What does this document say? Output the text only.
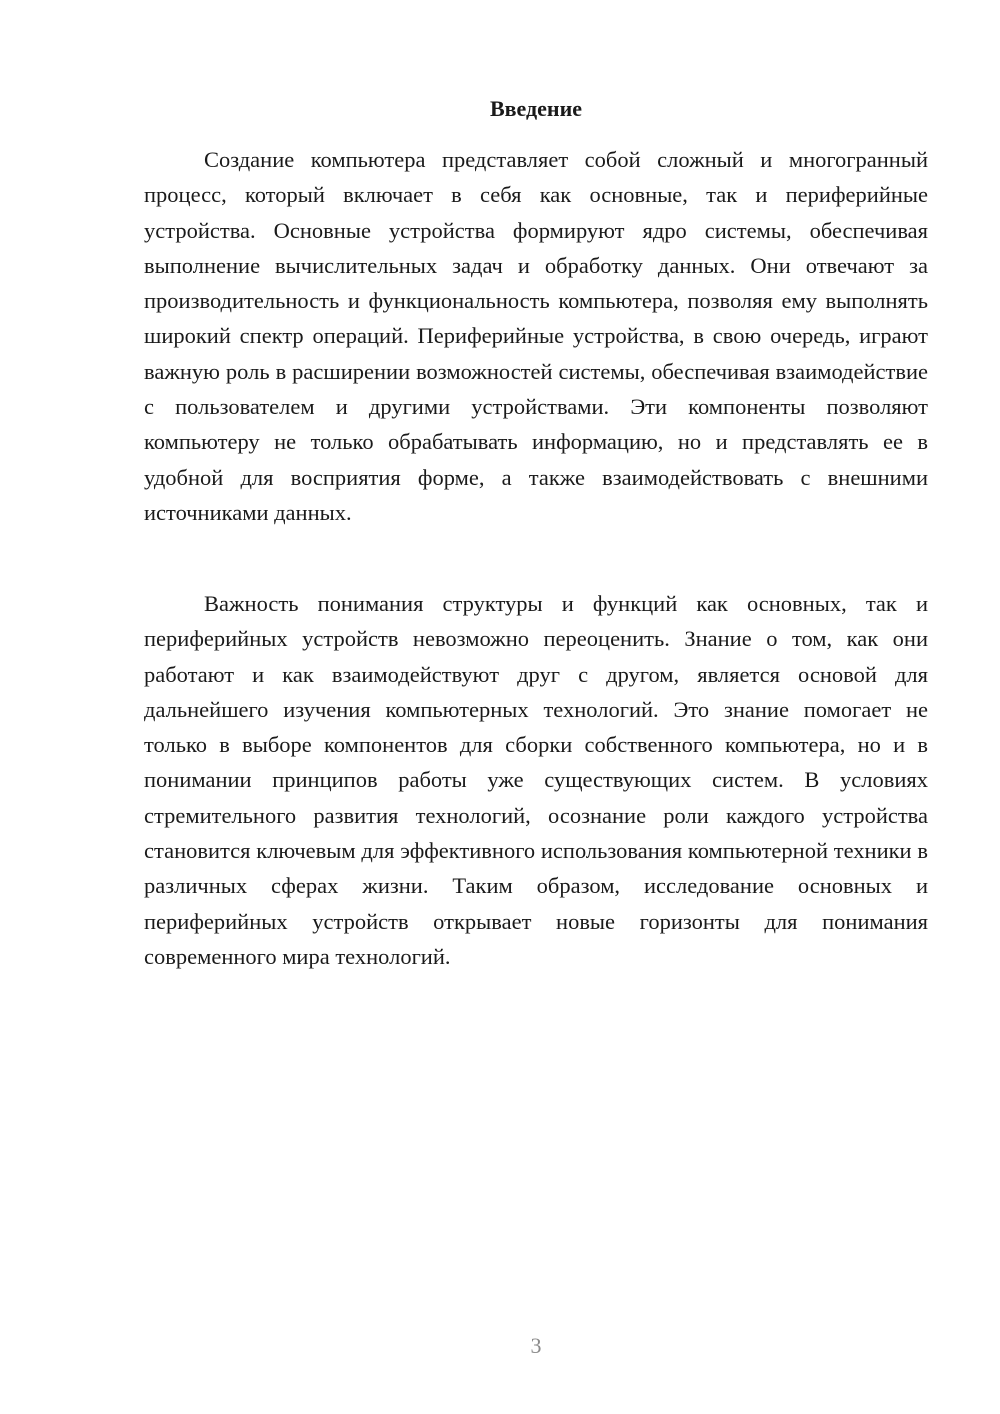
Введение

Создание компьютера представляет собой сложный и многогранный процесс, который включает в себя как основные, так и периферийные устройства. Основные устройства формируют ядро системы, обеспечивая выполнение вычислительных задач и обработку данных. Они отвечают за производительность и функциональность компьютера, позволяя ему выполнять широкий спектр операций. Периферийные устройства, в свою очередь, играют важную роль в расширении возможностей системы, обеспечивая взаимодействие с пользователем и другими устройствами. Эти компоненты позволяют компьютеру не только обрабатывать информацию, но и представлять ее в удобной для восприятия форме, а также взаимодействовать с внешними источниками данных.

Важность понимания структуры и функций как основных, так и периферийных устройств невозможно переоценить. Знание о том, как они работают и как взаимодействуют друг с другом, является основой для дальнейшего изучения компьютерных технологий. Это знание помогает не только в выборе компонентов для сборки собственного компьютера, но и в понимании принципов работы уже существующих систем. В условиях стремительного развития технологий, осознание роли каждого устройства становится ключевым для эффективного использования компьютерной техники в различных сферах жизни. Таким образом, исследование основных и периферийных устройств открывает новые горизонты для понимания современного мира технологий.

3
